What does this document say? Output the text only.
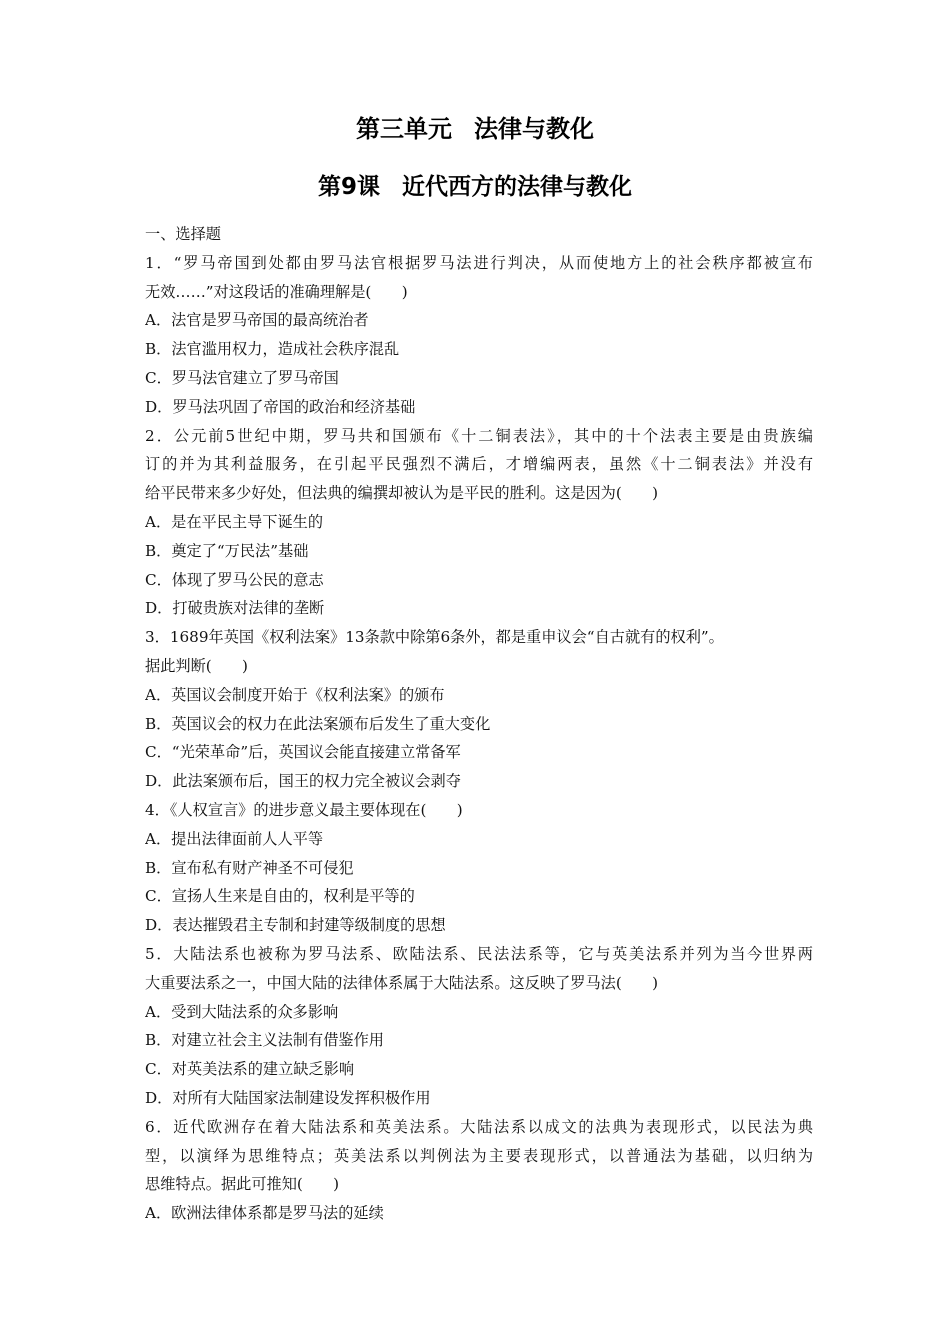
第三单元 法律与教化
第9课 近代西方的法律与教化
一、选择题
1．“罗马帝国到处都由罗马法官根据罗马法进行判决，从而使地方上的社会秩序都被宣布
无效……”对这段话的准确理解是(　　)
A．法官是罗马帝国的最高统治者
B．法官滥用权力，造成社会秩序混乱
C．罗马法官建立了罗马帝国
D．罗马法巩固了帝国的政治和经济基础
2．公元前5世纪中期，罗马共和国颁布《十二铜表法》，其中的十个法表主要是由贵族编
订的并为其利益服务，在引起平民强烈不满后，才增编两表，虽然《十二铜表法》并没有
给平民带来多少好处，但法典的编撰却被认为是平民的胜利。这是因为(　　)
A．是在平民主导下诞生的
B．奠定了“万民法”基础
C．体现了罗马公民的意志
D．打破贵族对法律的垄断
3．1689年英国《权利法案》13条款中除第6条外，都是重申议会“自古就有的权利”。
据此判断(　　)
A．英国议会制度开始于《权利法案》的颁布
B．英国议会的权力在此法案颁布后发生了重大变化
C．“光荣革命”后，英国议会能直接建立常备军
D．此法案颁布后，国王的权力完全被议会剥夺
4．《人权宣言》的进步意义最主要体现在(　　)
A．提出法律面前人人平等
B．宣布私有财产神圣不可侵犯
C．宣扬人生来是自由的，权利是平等的
D．表达摧毁君主专制和封建等级制度的思想
5．大陆法系也被称为罗马法系、欧陆法系、民法法系等，它与英美法系并列为当今世界两
大重要法系之一，中国大陆的法律体系属于大陆法系。这反映了罗马法(　　)
A．受到大陆法系的众多影响
B．对建立社会主义法制有借鉴作用
C．对英美法系的建立缺乏影响
D．对所有大陆国家法制建设发挥积极作用
6．近代欧洲存在着大陆法系和英美法系。大陆法系以成文的法典为表现形式，以民法为典
型，以演绎为思维特点；英美法系以判例法为主要表现形式，以普通法为基础，以归纳为
思维特点。据此可推知(　　)
A．欧洲法律体系都是罗马法的延续
